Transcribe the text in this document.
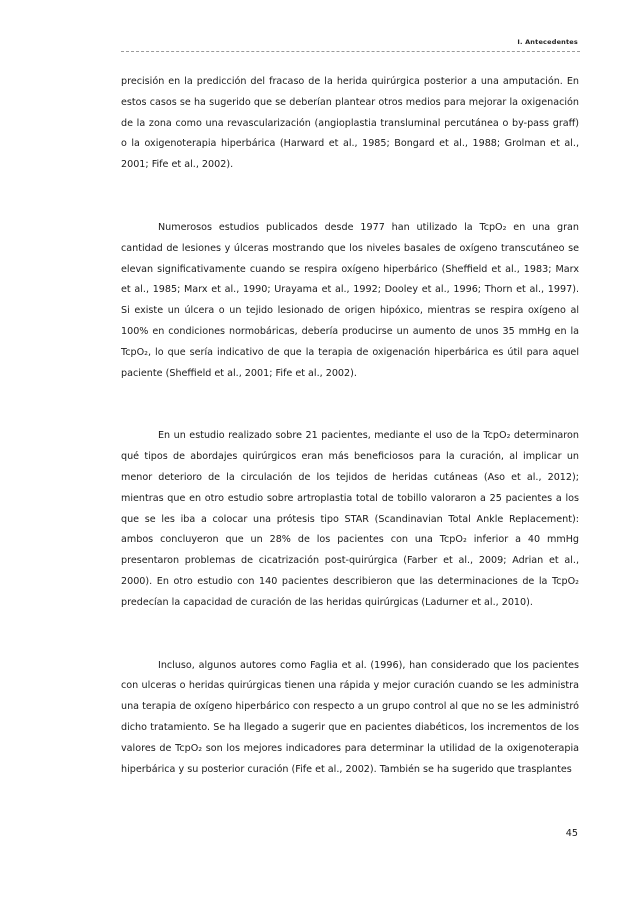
I. Antecedentes

precisión en la predicción del fracaso de la herida quirúrgica posterior a una amputación. En estos casos se ha sugerido que se deberían plantear otros medios para mejorar la oxigenación de la zona como una revascularización (angioplastia transluminal percutánea o by-pass graff) o la oxigenoterapia hiperbárica (Harward et al., 1985; Bongard et al., 1988; Grolman et al., 2001; Fife et al., 2002).

Numerosos estudios publicados desde 1977 han utilizado la TcpO₂ en una gran cantidad de lesiones y úlceras mostrando que los niveles basales de oxígeno transcutáneo se elevan significativamente cuando se respira oxígeno hiperbárico (Sheffield et al., 1983; Marx et al., 1985; Marx et al., 1990; Urayama et al., 1992; Dooley et al., 1996; Thorn et al., 1997). Si existe un úlcera o un tejido lesionado de origen hipóxico, mientras se respira oxígeno al 100% en condiciones normobáricas, debería producirse un aumento de unos 35 mmHg en la TcpO₂, lo que sería indicativo de que la terapia de oxigenación hiperbárica es útil para aquel paciente (Sheffield et al., 2001; Fife et al., 2002).

En un estudio realizado sobre 21 pacientes, mediante el uso de la TcpO₂ determinaron qué tipos de abordajes quirúrgicos eran más beneficiosos para la curación, al implicar un menor deterioro de la circulación de los tejidos de heridas cutáneas (Aso et al., 2012); mientras que en otro estudio sobre artroplastia total de tobillo valoraron a 25 pacientes a los que se les iba a colocar una prótesis tipo STAR (Scandinavian Total Ankle Replacement): ambos concluyeron que un 28% de los pacientes con una TcpO₂ inferior a 40 mmHg presentaron problemas de cicatrización post-quirúrgica (Farber et al., 2009; Adrian et al., 2000). En otro estudio con 140 pacientes describieron que las determinaciones de la TcpO₂ predecían la capacidad de curación de las heridas quirúrgicas (Ladurner et al., 2010).

Incluso, algunos autores como Faglia et al. (1996), han considerado que los pacientes con ulceras o heridas quirúrgicas tienen una rápida y mejor curación cuando se les administra una terapia de oxígeno hiperbárico con respecto a un grupo control al que no se les administró dicho tratamiento. Se ha llegado a sugerir que en pacientes diabéticos, los incrementos de los valores de TcpO₂ son los mejores indicadores para determinar la utilidad de la oxigenoterapia hiperbárica y su posterior curación (Fife et al., 2002). También se ha sugerido que trasplantes

45
